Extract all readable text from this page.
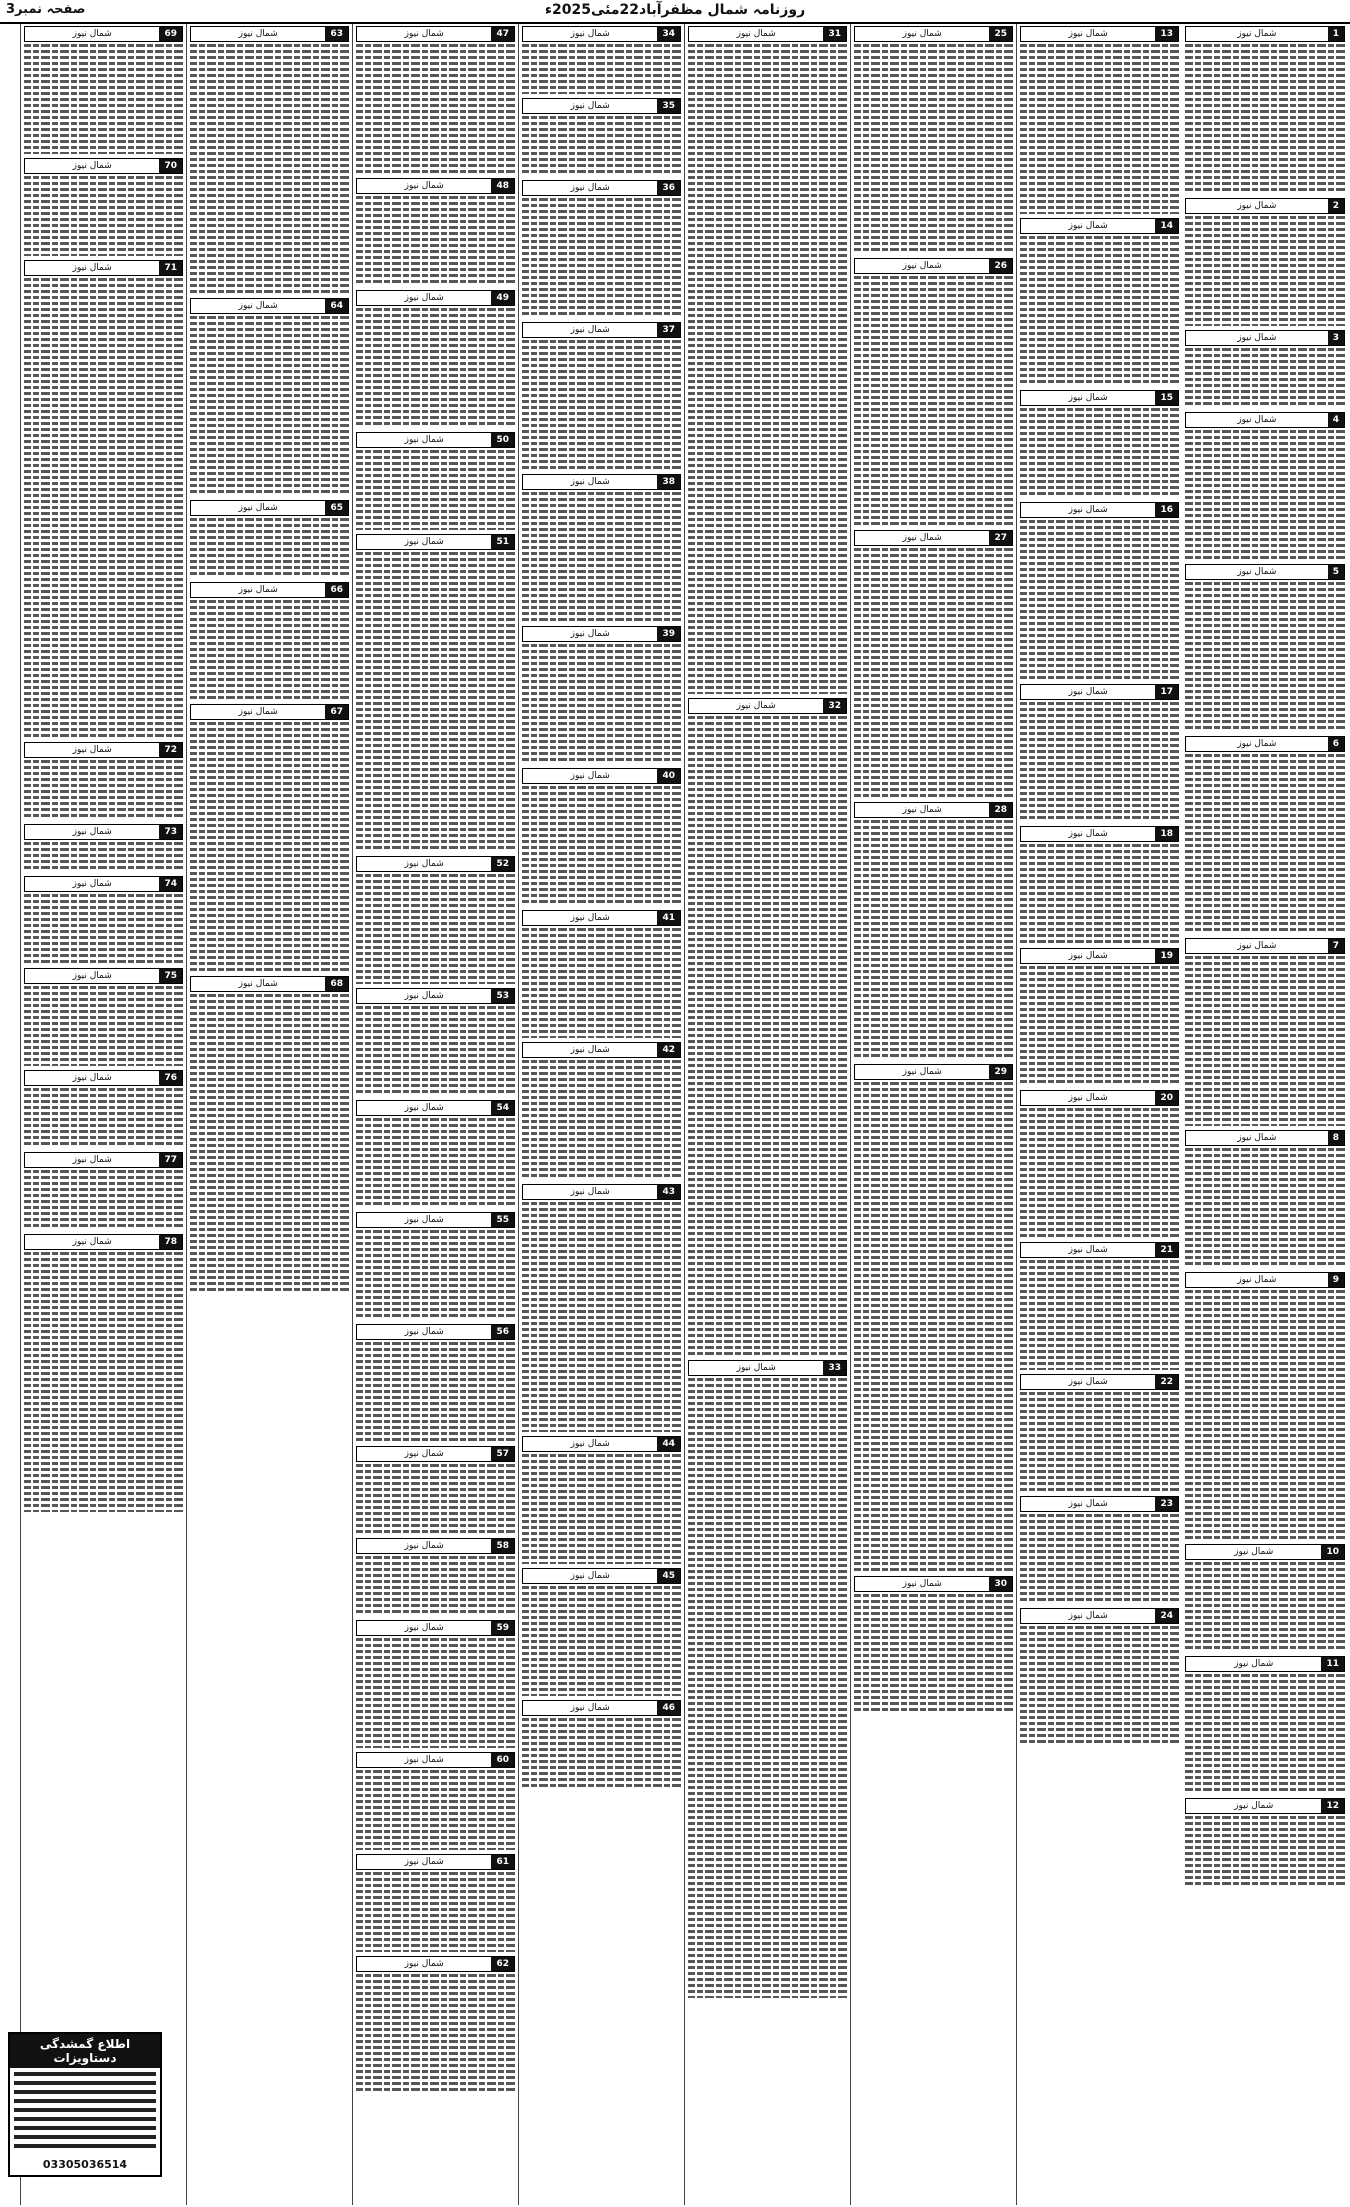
صفحہ نمبر3	روزنامہ شمال مظفرآباد22مئی2025ء
1
شمال نیوز
2
شمال نیوز
3
شمال نیوز
4
شمال نیوز
5
شمال نیوز
6
شمال نیوز
7
شمال نیوز
8
شمال نیوز
9
شمال نیوز
10
شمال نیوز
11
شمال نیوز
12
شمال نیوز
13
شمال نیوز
14
شمال نیوز
15
شمال نیوز
16
شمال نیوز
17
شمال نیوز
18
شمال نیوز
19
شمال نیوز
20
شمال نیوز
21
شمال نیوز
22
شمال نیوز
23
شمال نیوز
24
شمال نیوز
25
شمال نیوز
26
شمال نیوز
27
شمال نیوز
28
شمال نیوز
29
شمال نیوز
30
شمال نیوز
31
شمال نیوز
32
شمال نیوز
33
شمال نیوز
34
شمال نیوز
35
شمال نیوز
36
شمال نیوز
37
شمال نیوز
38
شمال نیوز
39
شمال نیوز
40
شمال نیوز
41
شمال نیوز
42
شمال نیوز
43
شمال نیوز
44
شمال نیوز
45
شمال نیوز
46
شمال نیوز
47
شمال نیوز
48
شمال نیوز
49
شمال نیوز
50
شمال نیوز
51
شمال نیوز
52
شمال نیوز
53
شمال نیوز
54
شمال نیوز
55
شمال نیوز
56
شمال نیوز
57
شمال نیوز
58
شمال نیوز
59
شمال نیوز
60
شمال نیوز
61
شمال نیوز
62
شمال نیوز
63
شمال نیوز
64
شمال نیوز
65
شمال نیوز
66
شمال نیوز
67
شمال نیوز
68
شمال نیوز
69
شمال نیوز
70
شمال نیوز
71
شمال نیوز
72
شمال نیوز
73
شمال نیوز
74
شمال نیوز
75
شمال نیوز
76
شمال نیوز
77
شمال نیوز
78
شمال نیوز
اطلاع گمشدگی دستاویزات
03305036514
